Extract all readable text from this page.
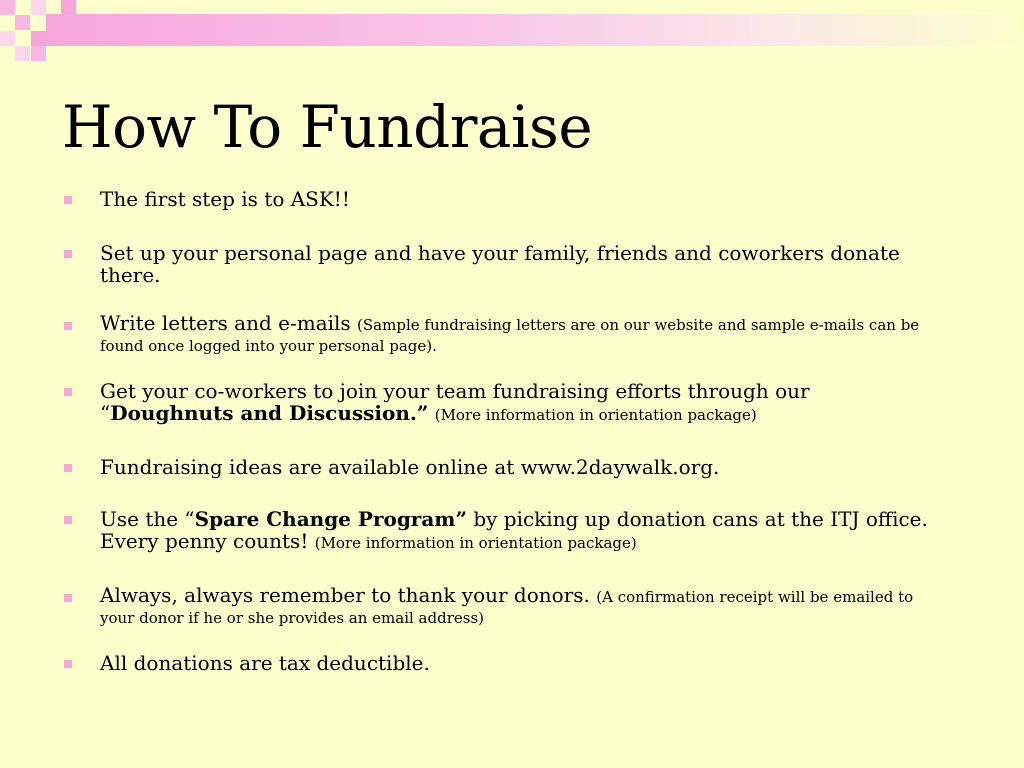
How To Fundraise
The first step is to ASK!!
Set up your personal page and have your family, friends and coworkers donate there.
Write letters and e-mails (Sample fundraising letters are on our website and sample e-mails can be found once logged into your personal page).
Get your co-workers to join your team fundraising efforts through our “Doughnuts and Discussion.” (More information in orientation package)
Fundraising ideas are available online at www.2daywalk.org.
Use the “Spare Change Program” by picking up donation cans at the ITJ office. Every penny counts! (More information in orientation package)
Always, always remember to thank your donors. (A confirmation receipt will be emailed to your donor if he or she provides an email address)
All donations are tax deductible.
